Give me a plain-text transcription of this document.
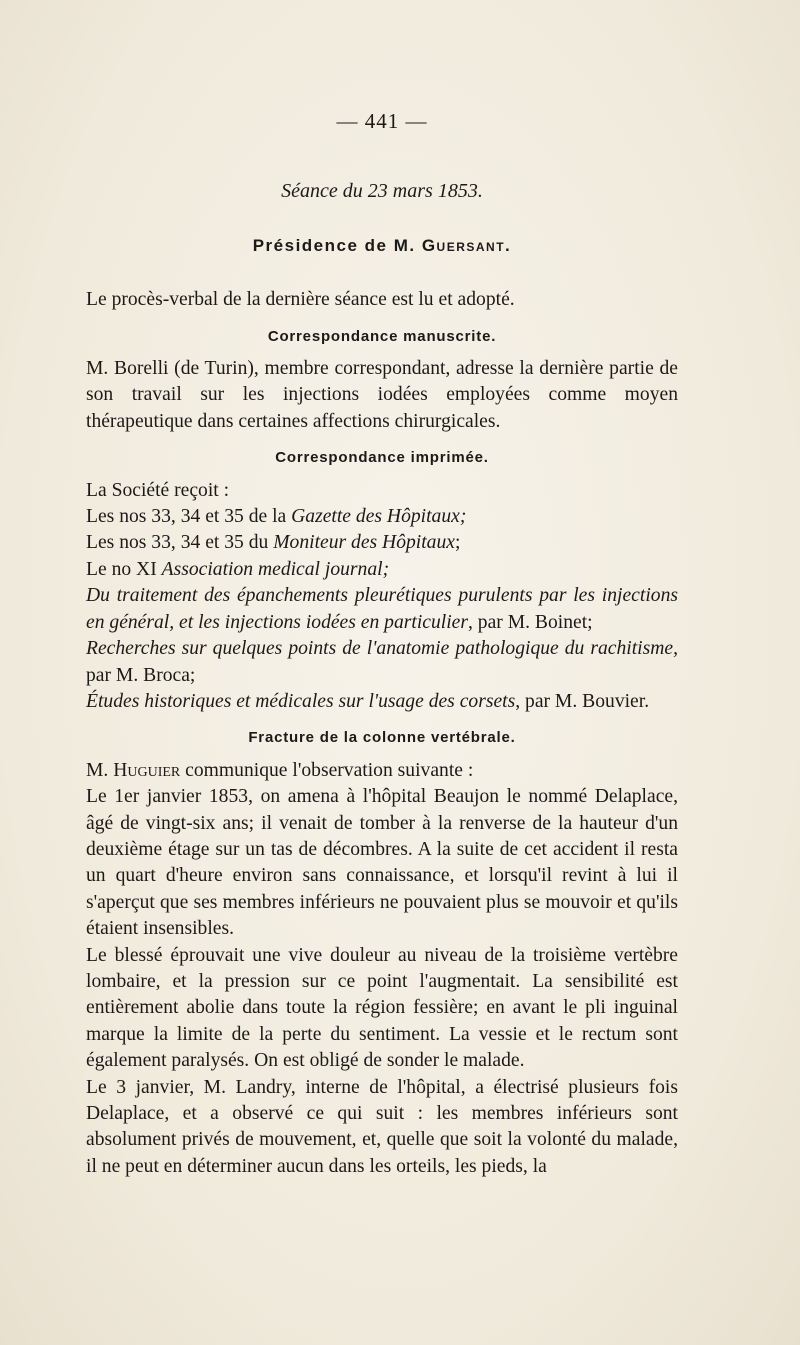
— 441 —
Séance du 23 mars 1853.
Présidence de M. Guersant.

Le procès-verbal de la dernière séance est lu et adopté.

Correspondance manuscrite.

M. Borelli (de Turin), membre correspondant, adresse la dernière partie de son travail sur les injections iodées employées comme moyen thérapeutique dans certaines affections chirurgicales.

Correspondance imprimée.

La Société reçoit :

Les nos 33, 34 et 35 de la Gazette des Hôpitaux;

Les nos 33, 34 et 35 du Moniteur des Hôpitaux;

Le no XI Association medical journal;

Du traitement des épanchements pleurétiques purulents par les injections en général, et les injections iodées en particulier, par M. Boinet;

Recherches sur quelques points de l'anatomie pathologique du rachitisme, par M. Broca;

Études historiques et médicales sur l'usage des corsets, par M. Bouvier.

Fracture de la colonne vertébrale.

M. Huguier communique l'observation suivante :

Le 1er janvier 1853, on amena à l'hôpital Beaujon le nommé Delaplace, âgé de vingt-six ans; il venait de tomber à la renverse de la hauteur d'un deuxième étage sur un tas de décombres. A la suite de cet accident il resta un quart d'heure environ sans connaissance, et lorsqu'il revint à lui il s'aperçut que ses membres inférieurs ne pouvaient plus se mouvoir et qu'ils étaient insensibles.

Le blessé éprouvait une vive douleur au niveau de la troisième vertèbre lombaire, et la pression sur ce point l'augmentait. La sensibilité est entièrement abolie dans toute la région fessière; en avant le pli inguinal marque la limite de la perte du sentiment. La vessie et le rectum sont également paralysés. On est obligé de sonder le malade.

Le 3 janvier, M. Landry, interne de l'hôpital, a électrisé plusieurs fois Delaplace, et a observé ce qui suit : les membres inférieurs sont absolument privés de mouvement, et, quelle que soit la volonté du malade, il ne peut en déterminer aucun dans les orteils, les pieds, la
